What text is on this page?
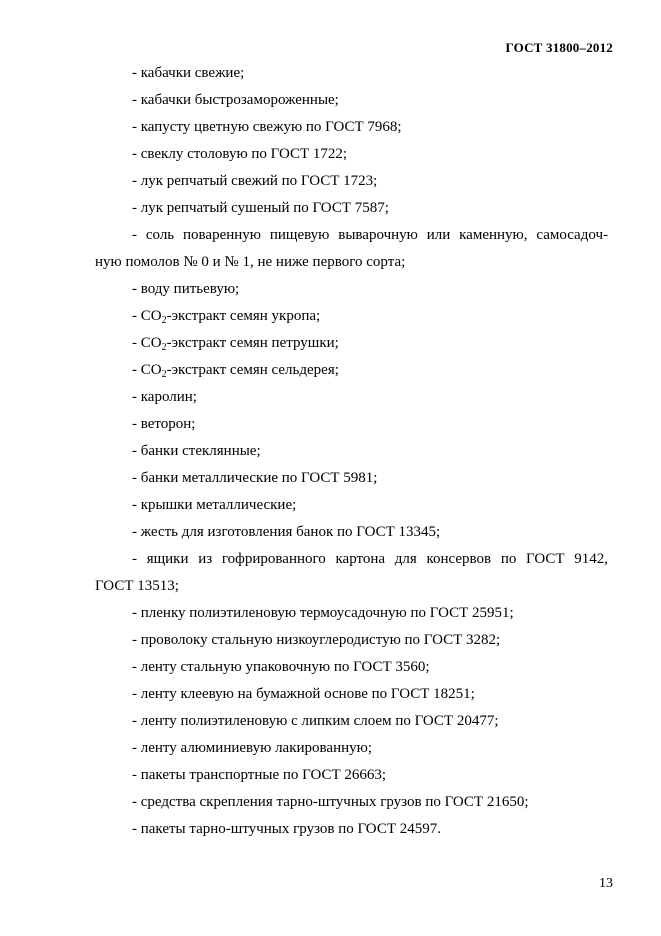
ГОСТ 31800–2012

- кабачки свежие;

- кабачки быстрозамороженные;

- капусту цветную свежую по ГОСТ 7968;

- свеклу столовую по ГОСТ 1722;

- лук репчатый свежий по ГОСТ 1723;

- лук репчатый сушеный по ГОСТ 7587;

- соль поваренную пищевую выварочную или каменную, самосадоч-
ную помолов № 0 и № 1, не ниже первого сорта;

- воду питьевую;

- $CO_2$-экстракт семян укропа;

- $CO_2$-экстракт семян петрушки;

- $CO_2$-экстракт семян сельдерея;

- каролин;

- веторон;

- банки стеклянные;

- банки металлические по ГОСТ 5981;

- крышки металлические;

- жесть для изготовления банок по ГОСТ 13345;

- ящики из гофрированного картона для консервов по ГОСТ 9142,
ГОСТ 13513;

- пленку полиэтиленовую термоусадочную по ГОСТ 25951;

- проволоку стальную низкоуглеродистую по ГОСТ 3282;

- ленту стальную упаковочную по ГОСТ 3560;

- ленту клеевую на бумажной основе по ГОСТ 18251;

- ленту полиэтиленовую с липким слоем по ГОСТ 20477;

- ленту алюминиевую лакированную;

- пакеты транспортные по ГОСТ 26663;

- средства скрепления тарно-штучных грузов по ГОСТ 21650;

- пакеты тарно-штучных грузов по ГОСТ 24597.

13
